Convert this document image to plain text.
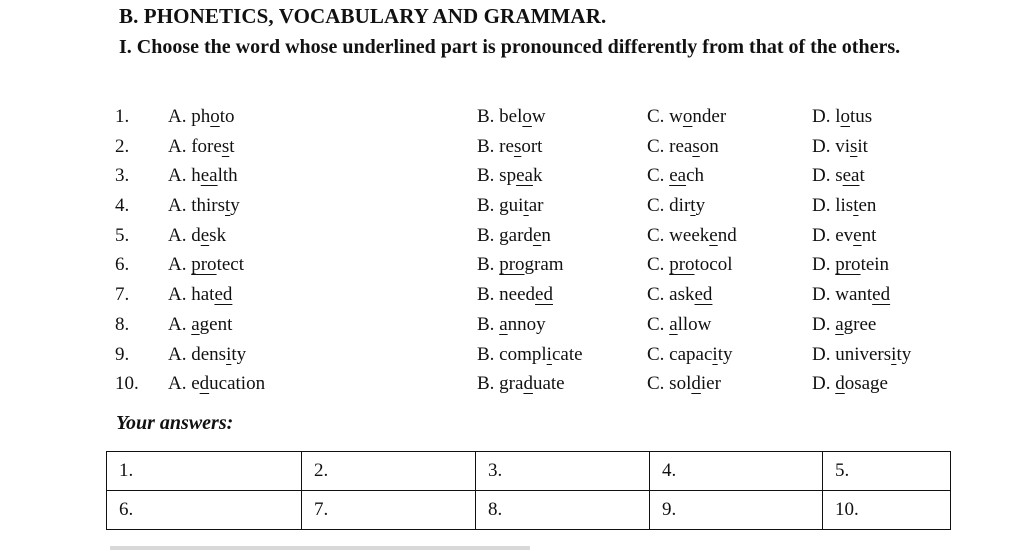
B. PHONETICS, VOCABULARY AND GRAMMAR.
I. Choose the word whose underlined part is pronounced differently from that of the others.
1. A. photo	B. below	C. wonder	D. lotus
2. A. forest	B. resort	C. reason	D. visit
3. A. health	B. speak	C. each	D. seat
4. A. thirsty	B. guitar	C. dirty	D. listen
5. A. desk	B. garden	C. weekend	D. event
6. A. protect	B. program	C. protocol	D. protein
7. A. hated	B. needed	C. asked	D. wanted
8. A. agent	B. annoy	C. allow	D. agree
9. A. density	B. complicate	C. capacity	D. university
10. A. education	B. graduate	C. soldier	D. dosage
Your answers:
1.	2.	3.	4.	5.
6.	7.	8.	9.	10.
